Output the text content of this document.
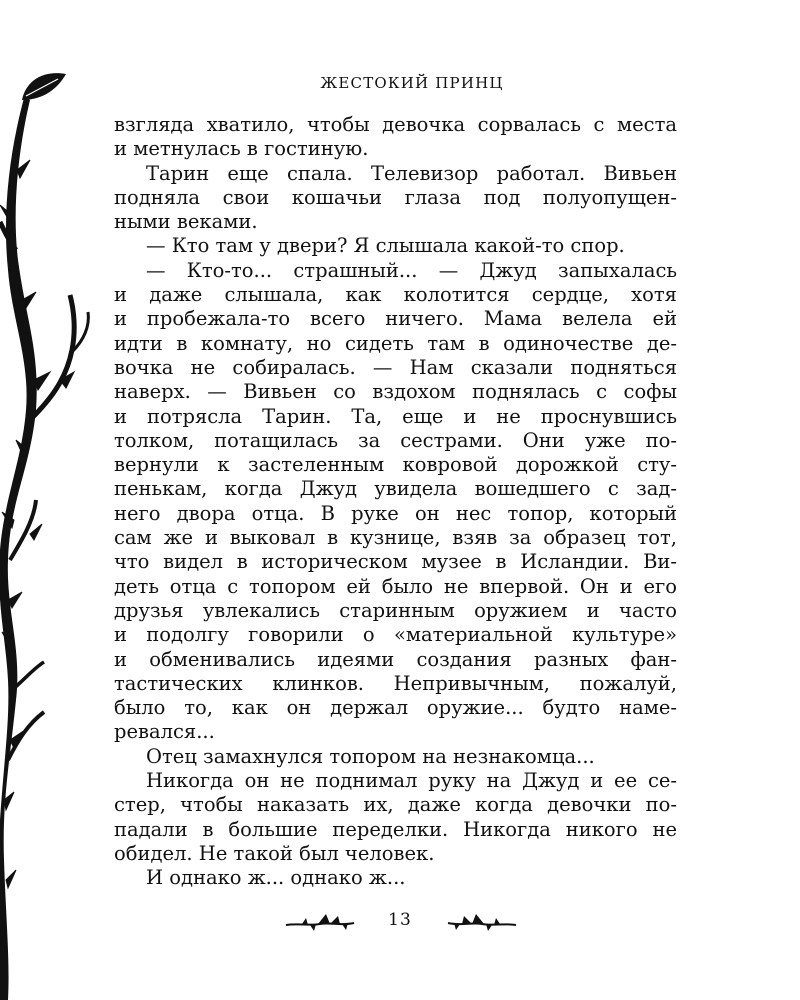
ЖЕСТОКИЙ ПРИНЦ
взгляда хватило, чтобы девочка сорвалась с места
и метнулась в гостиную.
Тарин еще спала. Телевизор работал. Вивьен
подняла свои кошачьи глаза под полуопущен-
ными веками.
— Кто там у двери? Я слышала какой-то спор.
— Кто-то... страшный... — Джуд запыхалась
и даже слышала, как колотится сердце, хотя
и пробежала-то всего ничего. Мама велела ей
идти в комнату, но сидеть там в одиночестве де-
вочка не собиралась. — Нам сказали подняться
наверх. — Вивьен со вздохом поднялась с софы
и потрясла Тарин. Та, еще и не проснувшись
толком, потащилась за сестрами. Они уже по-
вернули к застеленным ковровой дорожкой сту-
пенькам, когда Джуд увидела вошедшего с зад-
него двора отца. В руке он нес топор, который
сам же и выковал в кузнице, взяв за образец тот,
что видел в историческом музее в Исландии. Ви-
деть отца с топором ей было не впервой. Он и его
друзья увлекались старинным оружием и часто
и подолгу говорили о «материальной культуре»
и обменивались идеями создания разных фан-
тастических клинков. Непривычным, пожалуй,
было то, как он держал оружие... будто наме-
ревался...
Отец замахнулся топором на незнакомца...
Никогда он не поднимал руку на Джуд и ее се-
стер, чтобы наказать их, даже когда девочки по-
падали в большие переделки. Никогда никого не
обидел. Не такой был человек.
И однако ж... однако ж...
13
